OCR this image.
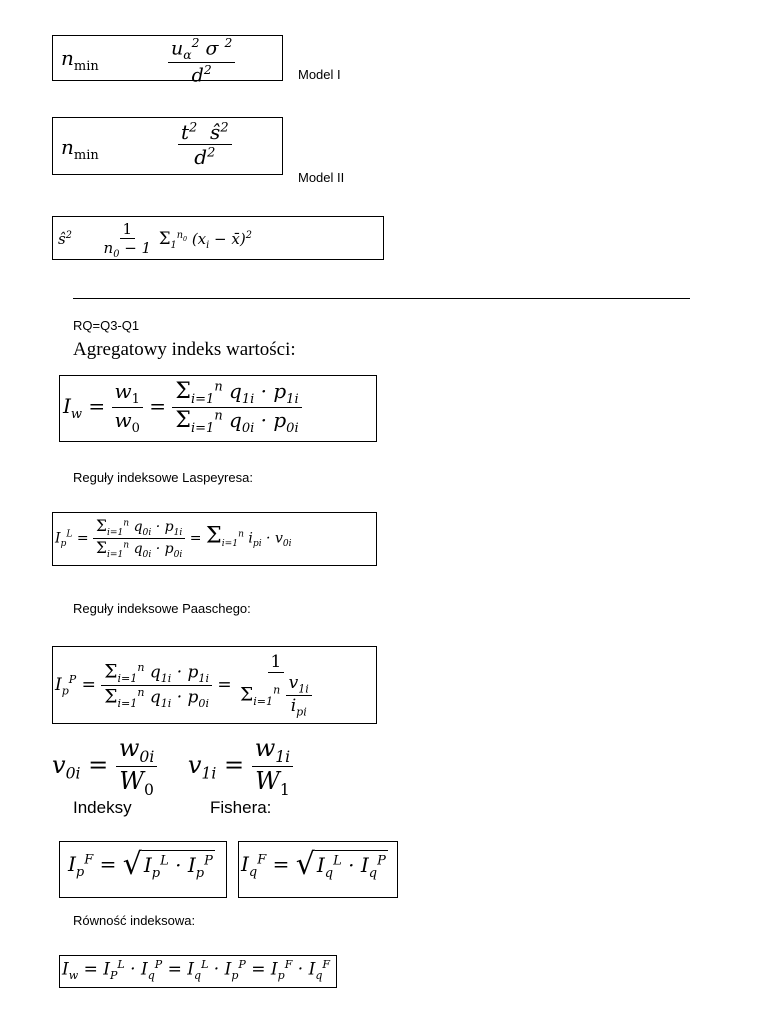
$n_{min}$	$\frac{u_\alpha^2 \sigma ^2}{d^2}$	Model I
$n_{min}$	$\frac{t^2 ŝ^2}{d^2}$
Model II
$ŝ^2 \frac{1}{n_0 - 1} \Sigma_1^{n_0}$ ($x_i$ − x̄)$^2$
RQ=Q3-Q1
Agregatowy indeks wartości:
$I_w = \frac{w_1}{w_0} = \frac{\Sigma_{i=1}^n q_{1i} \cdot p_{1i}}{\Sigma_{i=1}^n q_{0i} \cdot p_{0i}}$
Reguły indeksowe Laspeyresa:
$I_p^L = \frac{\Sigma_{i=1}^n q_{0i} \cdot p_{1i}}{\Sigma_{i=1}^n q_{0i} \cdot p_{0i}} = \Sigma_{i=1}^n$ $i_{pi} \cdot v_{0i}$
Reguły indeksowe Paaschego:
$I_p^P = \frac{\Sigma_{i=1}^n q_{1i} \cdot p_{1i}}{\Sigma_{i=1}^n q_{1i} \cdot p_{0i}} = \frac{1}{\Sigma_{i=1}^n \frac{v_{1i}}{i_{pi}}}$
$v_{0i} = \frac{w_{0i}}{W_0} v_{1i} = \frac{w_{1i}}{W_1}$
Indeksy	Fishera:
$I_p^F$ = √ $I_p^L \cdot I_p^P$ $I_q^F$ = √ $I_q^L \cdot I_q^P$
Równość indeksowa:
$I_w = I_P^L \cdot I_q^P = I_q^L \cdot I_p^P = I_p^F \cdot I_q^F$
